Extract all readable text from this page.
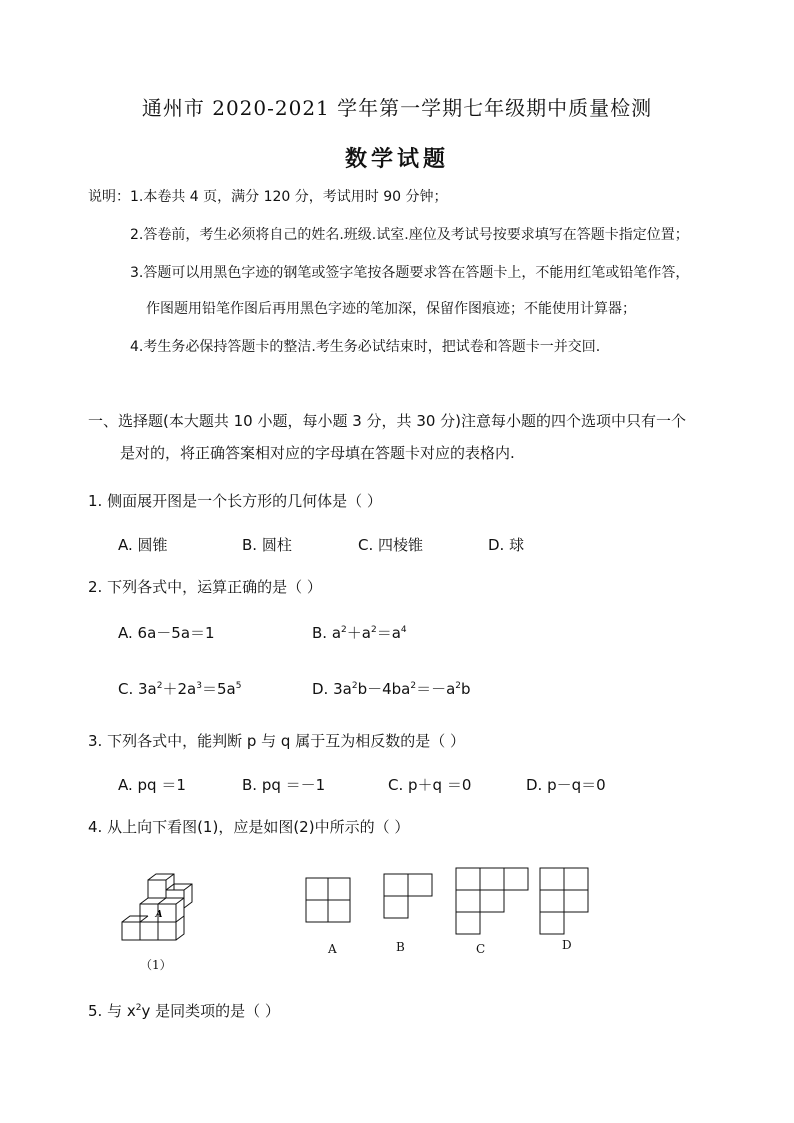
通州市 2020-2021 学年第一学期七年级期中质量检测
数学试题
说明：1.本卷共 4 页，满分 120 分，考试用时 90 分钟；
2.答卷前，考生必须将自己的姓名.班级.试室.座位及考试号按要求填写在答题卡指定位置；
3.答题可以用黑色字迹的钢笔或签字笔按各题要求答在答题卡上，不能用红笔或铅笔作答，
作图题用铅笔作图后再用黑色字迹的笔加深，保留作图痕迹；不能使用计算器；
4.考生务必保持答题卡的整洁.考生务必试结束时，把试卷和答题卡一并交回.
一、选择题(本大题共 10 小题，每小题 3 分，共 30 分)注意每小题的四个选项中只有一个
是对的，将正确答案相对应的字母填在答题卡对应的表格内.
1. 侧面展开图是一个长方形的几何体是（ ）
A. 圆锥	B. 圆柱	C. 四棱锥	D. 球
2. 下列各式中，运算正确的是（ ）
A. 6a－5a＝1	B. $a^2+a^2=a^4$
C. $3a^2+2a^3=5a^5$	D. $3a^2b-4ba^2=-a^2b$
3. 下列各式中，能判断 p 与 q 属于互为相反数的是（ ）
A. pq ＝1	B. pq ＝－1	C. p＋q ＝0	D. p－q＝0
4. 从上向下看图(1)，应是如图(2)中所示的（ ）
A
（1）
A	B	C	D
5. 与 $x^2y$ 是同类项的是（ ）
